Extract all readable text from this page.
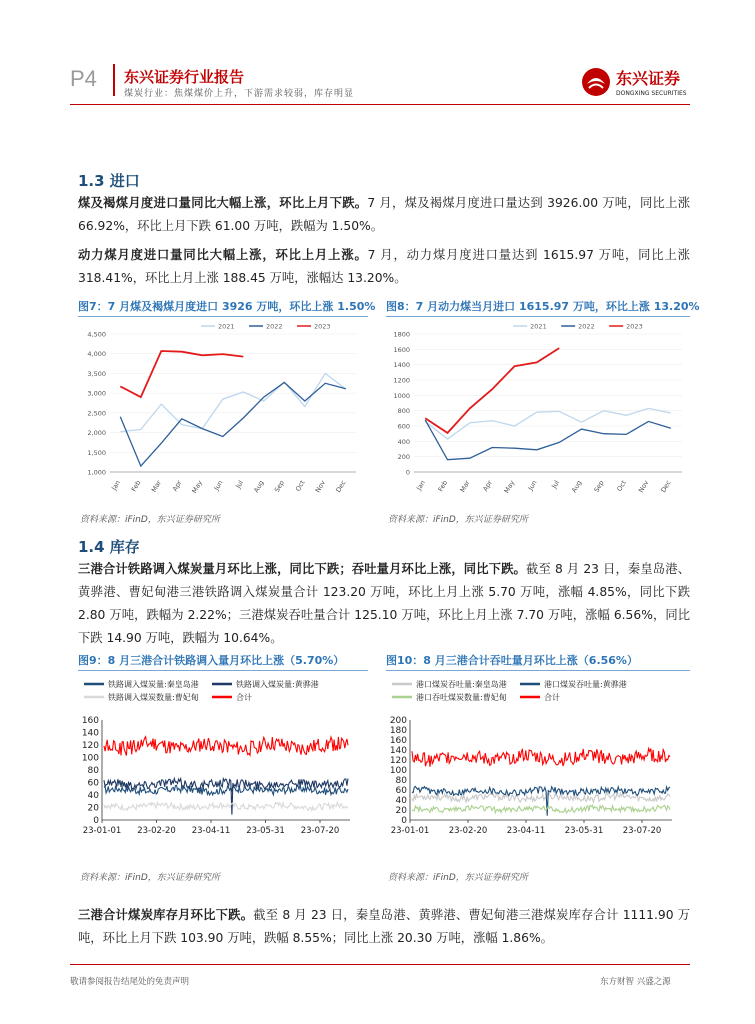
P4 东兴证券行业报告
煤炭行业：焦煤煤价上升，下游需求较弱，库存明显
东兴证券
DONGXING SECURITIES
1.3 进口
煤及褐煤月度进口量同比大幅上涨，环比上月下跌。7 月，煤及褐煤月度进口量达到 3926.00 万吨，同比上涨 66.92%，环比上月下跌 61.00 万吨，跌幅为 1.50%。
动力煤月度进口量同比大幅上涨，环比上月上涨。7 月，动力煤月度进口量达到 1615.97 万吨，同比上涨 318.41%，环比上月上涨 188.45 万吨，涨幅达 13.20%。
图7：7 月煤及褐煤月度进口 3926 万吨，环比上涨 1.50%
1,000
1,500
2,000
2,500
3,000
3,500
4,000
4,500
Jan Feb Mar Apr May Jun Jul Aug Sep Oct Nov Dec
2021	2022	2023
资料来源：iFinD，东兴证券研究所
图8：7 月动力煤当月进口 1615.97 万吨，环比上涨 13.20%
0
200
400
600
800
1000
1200
1400
1600
1800
Jan Feb Mar Apr May Jun Jul Aug Sep Oct Nov Dec
2021	2022	2023
资料来源：iFinD，东兴证券研究所
1.4 库存
三港合计铁路调入煤炭量月环比上涨，同比下跌；吞吐量月环比上涨，同比下跌。截至 8 月 23 日，秦皇岛港、黄骅港、曹妃甸港三港铁路调入煤炭量合计 123.20 万吨，环比上月上涨 5.70 万吨，涨幅 4.85%，同比下跌 2.80 万吨，跌幅为 2.22%；三港煤炭吞吐量合计 125.10 万吨，环比上月上涨 7.70 万吨，涨幅 6.56%，同比下跌 14.90 万吨，跌幅为 10.64%。
图9：8 月三港合计铁路调入量月环比上涨（5.70%）
0
20
40
60
80
100
120
140
160
23-01-01 23-02-20 23-04-11 23-05-31 23-07-20
铁路调入煤炭量:秦皇岛港	铁路调入煤炭量:黄骅港
铁路调入煤炭数量:曹妃甸	合计
资料来源：iFinD，东兴证券研究所
图10：8 月三港合计吞吐量月环比上涨（6.56%）
0
20
40
60
80
100
120
140
160
180
200
23-01-01 23-02-20 23-04-11 23-05-31 23-07-20
港口煤炭吞吐量:秦皇岛港	港口煤炭吞吐量:黄骅港
港口吞吐煤炭数量:曹妃甸	合计
资料来源：iFinD，东兴证券研究所
三港合计煤炭库存月环比下跌。截至 8 月 23 日，秦皇岛港、黄骅港、曹妃甸港三港煤炭库存合计 1111.90 万吨，环比上月下跌 103.90 万吨，跌幅 8.55%；同比上涨 20.30 万吨，涨幅 1.86%。
敬请参阅报告结尾处的免责声明	东方财智 兴盛之源
